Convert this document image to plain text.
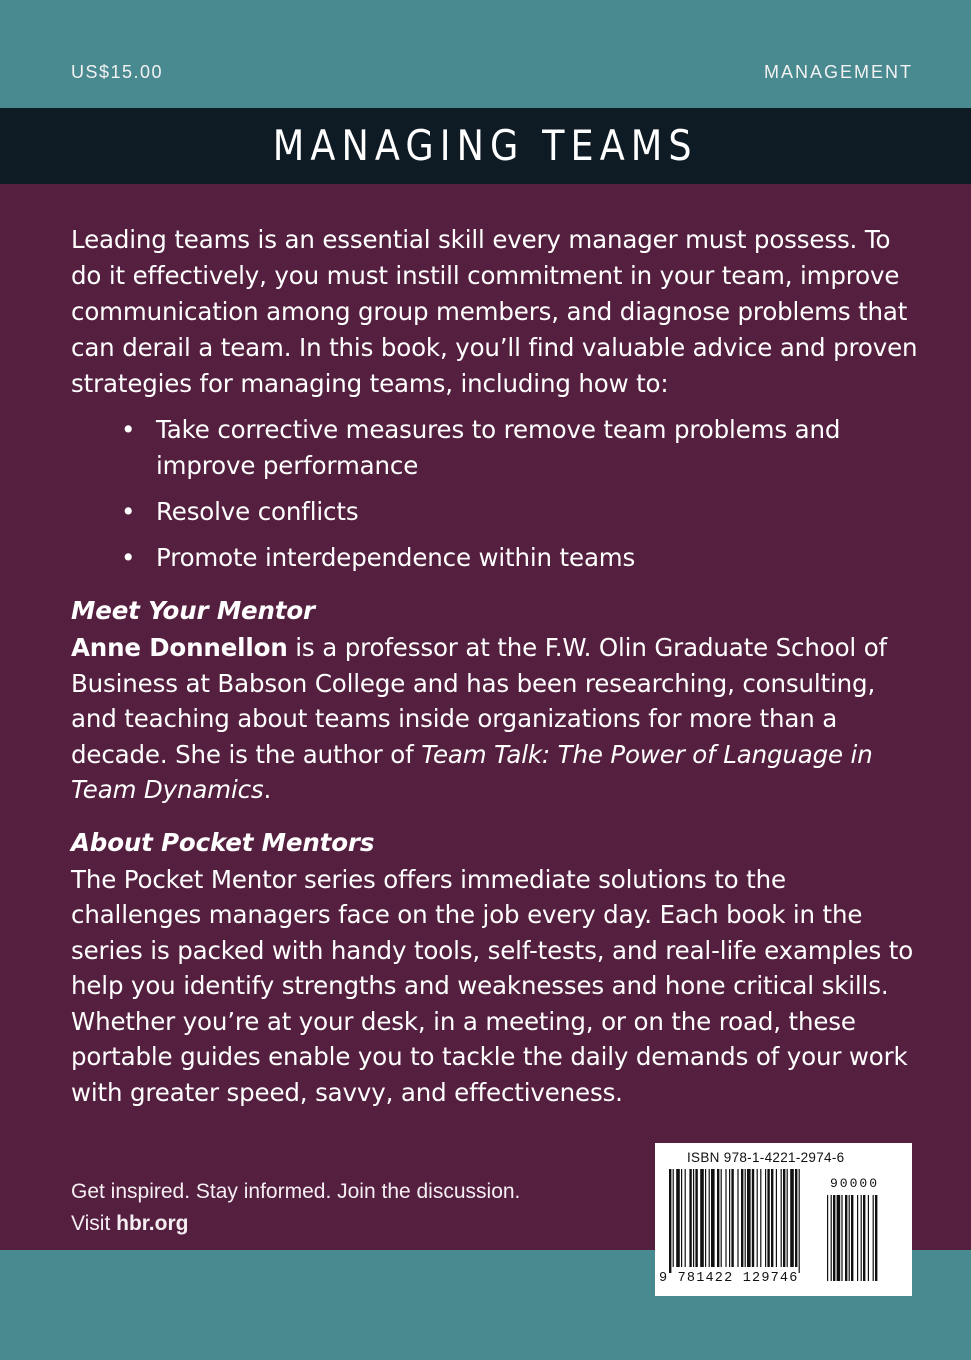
US$15.00	MANAGEMENT
MANAGING TEAMS

Leading teams is an essential skill every manager must possess. To do it effectively, you must instill commitment in your team, improve communication among group members, and diagnose problems that can derail a team. In this book, you’ll find valuable advice and proven strategies for managing teams, including how to:

• Take corrective measures to remove team problems and improve performance
• Resolve conflicts
• Promote interdependence within teams
Meet Your Mentor

Anne Donnellon is a professor at the F.W. Olin Graduate School of Business at Babson College and has been researching, consulting, and teaching about teams inside organizations for more than a decade. She is the author of Team Talk: The Power of Language in Team Dynamics.

About Pocket Mentors

The Pocket Mentor series offers immediate solutions to the challenges managers face on the job every day. Each book in the series is packed with handy tools, self-tests, and real-life examples to help you identify strengths and weaknesses and hone critical skills. Whether you’re at your desk, in a meeting, or on the road, these portable guides enable you to tackle the daily demands of your work with greater speed, savvy, and effectiveness.

Get inspired. Stay informed. Join the discussion.
Visit hbr.org
ISBN 978-1-4221-2974-6
90000
9 781422 129746
